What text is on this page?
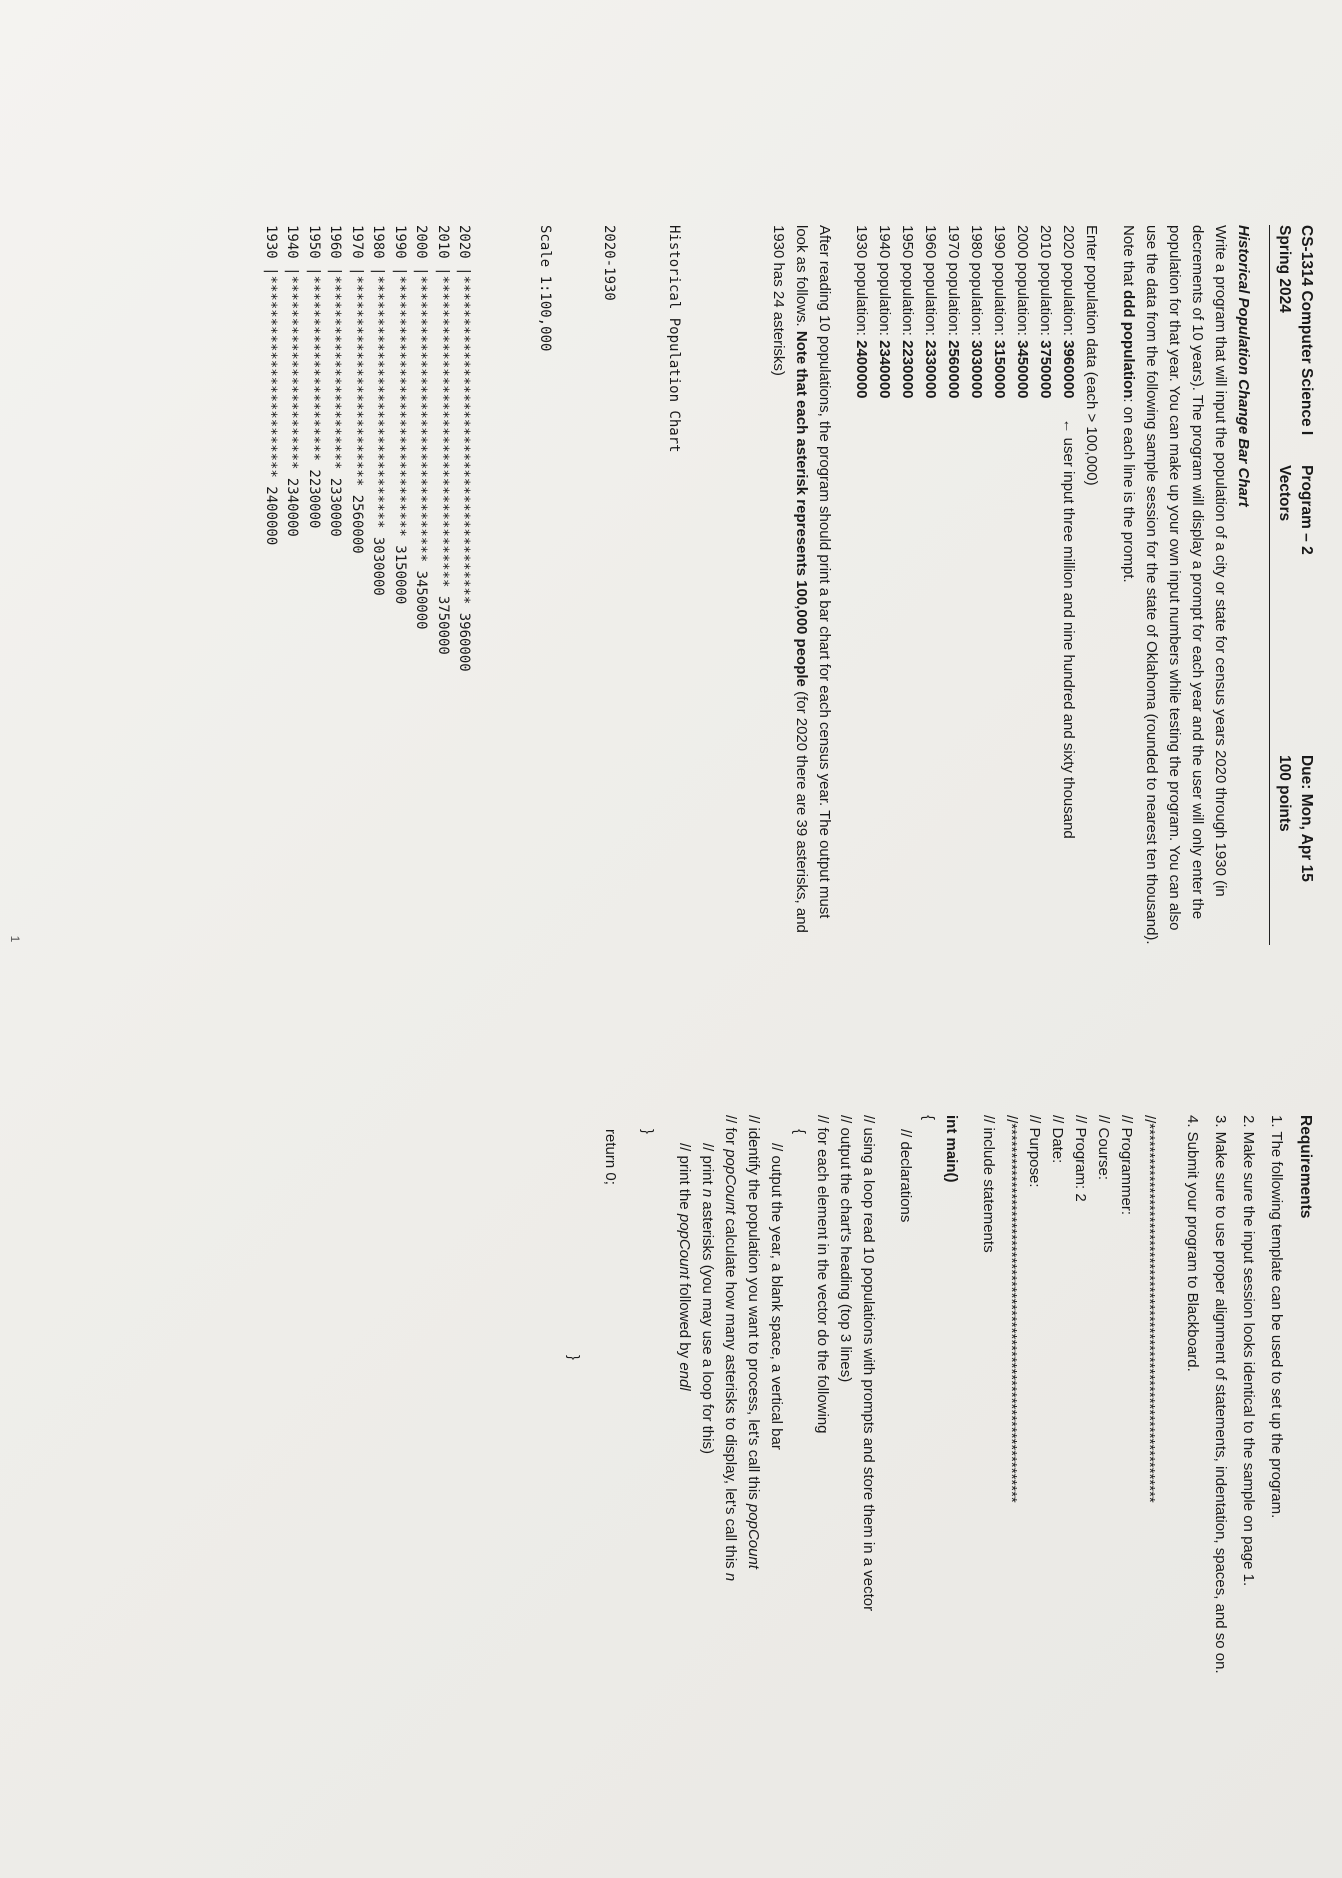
CS-1314 Computer Science I
Spring 2024
Program – 2
Vectors
Due: Mon, Apr 15
100 points
Historical Population Change Bar Chart

Write a program that will input the population of a city or state for census years 2020 through 1930 (in decrements of 10 years). The program will display a prompt for each year and the user will only enter the population for that year. You can make up your own input numbers while testing the program. You can also use the data from the following sample session for the state of Oklahoma (rounded to nearest ten thousand). Note that ddd population: on each line is the prompt.

Enter population data (each > 100,000)
2020 population: 3960000← user input three million and nine hundred and sixty thousand
2010 population: 3750000
2000 population: 3450000
1990 population: 3150000
1980 population: 3030000
1970 population: 2560000
1960 population: 2330000
1950 population: 2230000
1940 population: 2340000
1930 population: 2400000

After reading 10 populations, the program should print a bar chart for each census year. The output must look as follows. Note that each asterisk represents 100,000 people (for 2020 there are 39 asterisks, and 1930 has 24 asterisks)

Historical Population Chart

2020-1930

Scale 1:100,000

2020 |*************************************** 3960000
2010 |************************************* 3750000
2000 |********************************** 3450000
1990 |******************************* 3150000
1980 |****************************** 3030000
1970 |************************* 2560000
1960 |*********************** 2330000
1950 |********************** 2230000
1940 |*********************** 2340000
1930 |************************ 2400000
Requirements
1. The following template can be used to set up the program.
2. Make sure the input session looks identical to the sample on page 1.
3. Make sure to use proper alignment of statements, indentation, spaces, and so on.
4. Submit your program to Blackboard.
//*****************************************************************
// Programmer:
// Course:
// Program: 2
// Date:
// Purpose:
//*****************************************************************
// include statements
int main()
{
// declarations
// using a loop read 10 populations with prompts and store them in a vector
// output the chart's heading (top 3 lines)
// for each element in the vector do the following
{
// output the year, a blank space, a vertical bar
// identify the population you want to process, let's call this popCount
// for popCount calculate how many asterisks to display, let's call this n
// print n asterisks (you may use a loop for this)
// print the popCount followed by endl
}
return 0;
}
1
